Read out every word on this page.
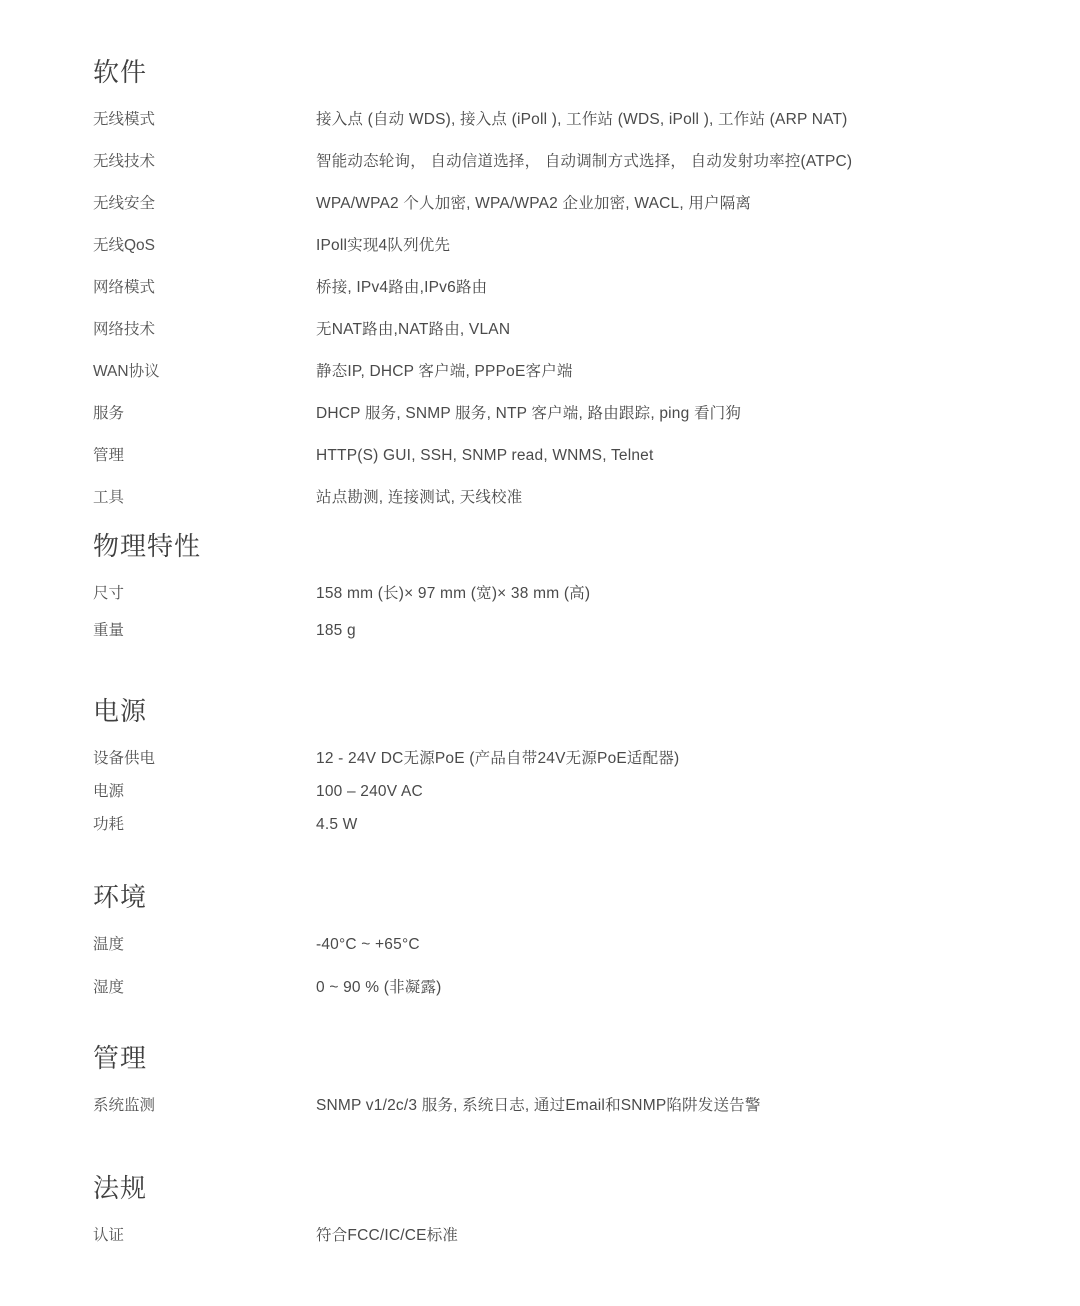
软件
无线模式	接入点 (自动 WDS), 接入点 (iPoll ), 工作站 (WDS, iPoll ), 工作站 (ARP NAT)
无线技术	智能动态轮询， 自动信道选择， 自动调制方式选择， 自动发射功率控(ATPC)
无线安全	WPA/WPA2 个人加密, WPA/WPA2 企业加密, WACL, 用户隔离
无线QoS	IPoll实现4队列优先
网络模式	桥接, IPv4路由,IPv6路由
网络技术	无NAT路由,NAT路由, VLAN
WAN协议	静态IP, DHCP 客户端, PPPoE客户端
服务	DHCP 服务, SNMP 服务, NTP 客户端, 路由跟踪, ping 看门狗
管理	HTTP(S) GUI, SSH, SNMP read, WNMS, Telnet
工具	站点勘测, 连接测试, 天线校准
物理特性
尺寸	158 mm (长)× 97 mm (宽)× 38 mm (高)
重量	185 g
电源
设备供电	12 - 24V DC无源PoE (产品自带24V无源PoE适配器)
电源	100 – 240V AC
功耗	4.5 W
环境
温度	-40°C ~ +65°C
湿度	0 ~ 90 % (非凝露)
管理
系统监测	SNMP v1/2c/3 服务, 系统日志, 通过Email和SNMP陷阱发送告警
法规
认证	符合FCC/IC/CE标准
